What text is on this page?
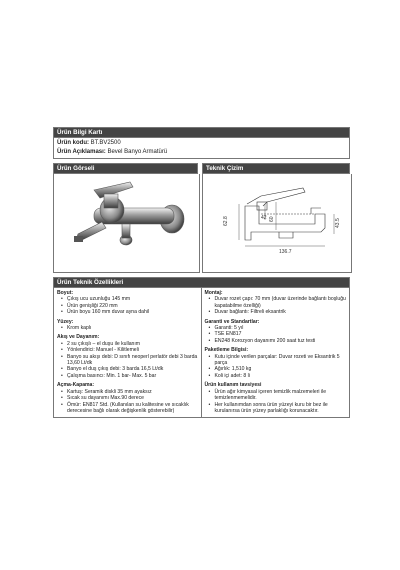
Ürün Bilgi Kartı
Ürün kodu: BT.BV2500
Ürün Açıklaması: Bevel Banyo Armatürü
Ürün Görseli	Teknik Çizim
62.8	42 60	43.5
136.7
Ürün Teknik Özellikleri
Boyut:
• Çıkış ucu uzunluğu 145 mm
• Ürün genişliği 220 mm
• Ürün boyu 160 mm duvar ayna dahil
Yüzey:
• Krom kaplı
Akış ve Dayanım:
• 2 su çıkışlı – el duşu ile kullanım
• Yönlendirici: Manuel - Kilitlemeli
• Banyo su akışı debi: D sınıfı neoperl perlatör debi 3 barda 13,60 Lt/dk
• Banyo el duş çıkış debi: 3 barda 16,5 Lt/dk
• Çalışma basıncı: Min. 1 bar- Max. 5 bar
Açma-Kapama:
• Kartuş: Seramik diskli 35 mm ayaksız
• Sıcak su dayanımı Max.90 derece
• Ömür: EN817 Std. (Kullanılan su kalitesine ve sıcaklık derecesine bağlı olarak değişkenlik gösterebilir)
Montaj:
• Duvar rozet çapı: 70 mm (duvar üzerinde bağlantı boşluğu kapatabilme özelliği)
• Duvar bağlantı: Filtreli eksantrik
Garanti ve Standartlar:
• Garanti: 5 yıl
• TSE EN817
• EN248 Korozyon dayanımı 200 saat tuz testi
Paketleme Bilgisi:
• Kutu içinde verilen parçalar: Duvar rozeti ve Eksantrik 5 parça
• Ağırlık: 1,510 kg
• Koli içi adet: 8 li
Ürün kullanım tavsiyesi
• Ürün ağır kimyasal içeren temizlik malzemeleri ile temizlenmemelidir.
• Her kullanımdan sonra ürün yüzeyi kuru bir bez ile kurulanırsa ürün yüzey parlaklığı korunacaktır.
